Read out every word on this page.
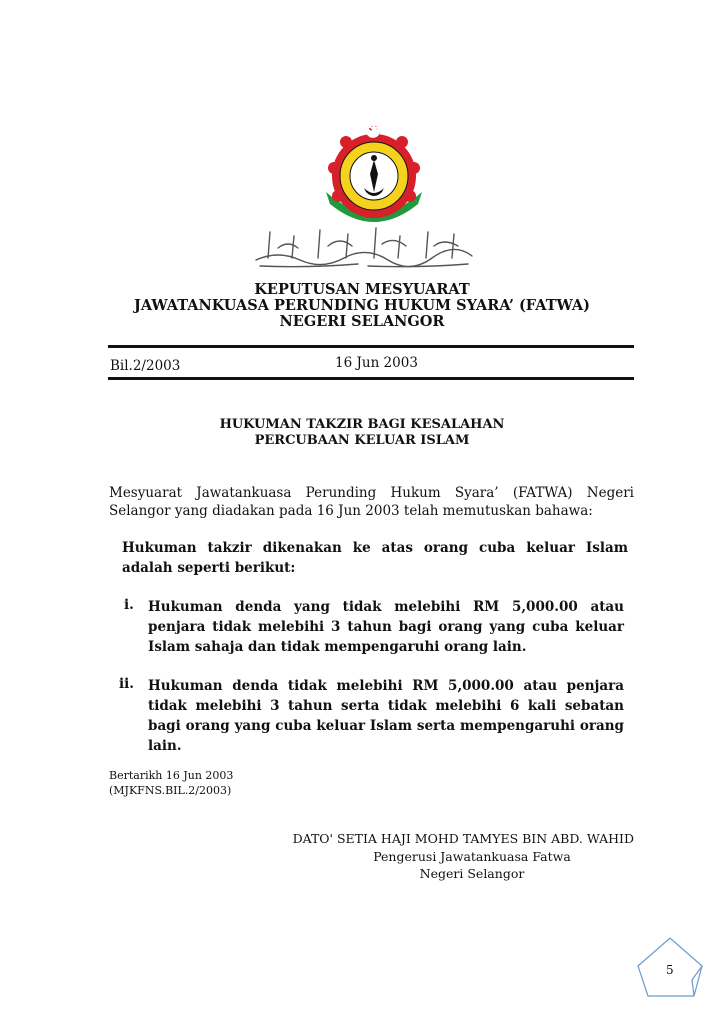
KEPUTUSAN MESYUARAT
JAWATANKUASA PERUNDING HUKUM SYARA’ (FATWA)
NEGERI SELANGOR
Bil.2/2003	16 Jun 2003
HUKUMAN TAKZIR BAGI KESALAHAN
PERCUBAAN KELUAR ISLAM
Mesyuarat Jawatankuasa Perunding Hukum Syara’ (FATWA) Negeri Selangor yang diadakan pada 16 Jun 2003 telah memutuskan bahawa:
Hukuman takzir dikenakan ke atas orang cuba keluar Islam adalah seperti berikut:
i. Hukuman denda yang tidak melebihi RM 5,000.00 atau penjara tidak melebihi 3 tahun bagi orang yang cuba keluar Islam sahaja dan tidak mempengaruhi orang lain.
ii. Hukuman denda tidak melebihi RM 5,000.00 atau penjara tidak melebihi 3 tahun serta tidak melebihi 6 kali sebatan bagi orang yang cuba keluar Islam serta mempengaruhi orang lain.
Bertarikh 16 Jun 2003
(MJKFNS.BIL.2/2003)
DATO' SETIA HAJI MOHD TAMYES BIN ABD. WAHID
Pengerusi Jawatankuasa Fatwa
Negeri Selangor
5
